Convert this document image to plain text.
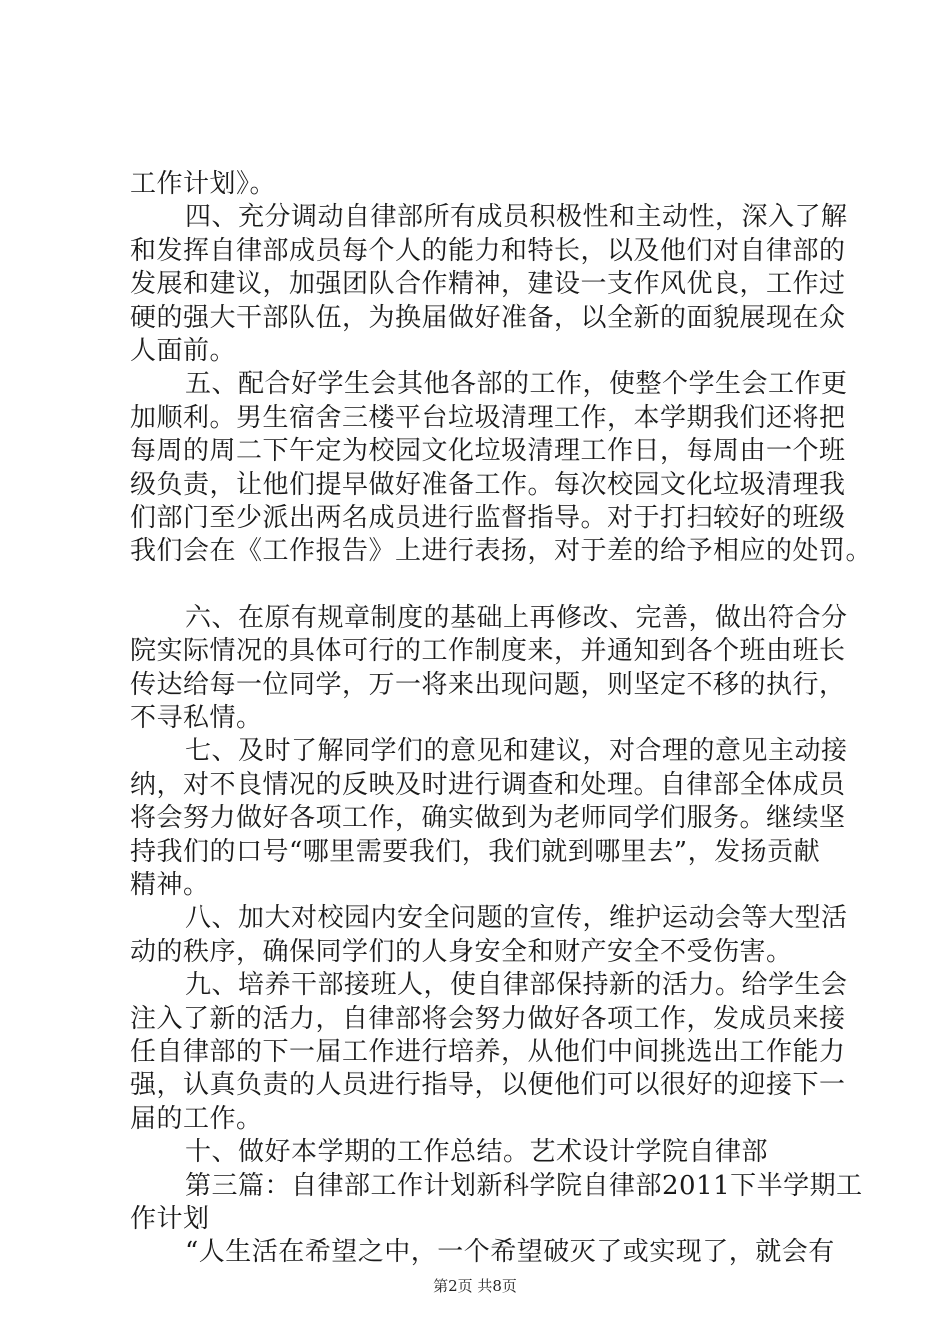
工作计划》。
四、充分调动自律部所有成员积极性和主动性，深入了解
和发挥自律部成员每个人的能力和特长，以及他们对自律部的
发展和建议，加强团队合作精神，建设一支作风优良，工作过
硬的强大干部队伍，为换届做好准备，以全新的面貌展现在众
人面前。
五、配合好学生会其他各部的工作，使整个学生会工作更
加顺利。男生宿舍三楼平台垃圾清理工作，本学期我们还将把
每周的周二下午定为校园文化垃圾清理工作日，每周由一个班
级负责，让他们提早做好准备工作。每次校园文化垃圾清理我
们部门至少派出两名成员进行监督指导。对于打扫较好的班级
我们会在《工作报告》上进行表扬，对于差的给予相应的处罚。
六、在原有规章制度的基础上再修改、完善，做出符合分
院实际情况的具体可行的工作制度来，并通知到各个班由班长
传达给每一位同学，万一将来出现问题，则坚定不移的执行，
不寻私情。
七、及时了解同学们的意见和建议，对合理的意见主动接
纳，对不良情况的反映及时进行调查和处理。自律部全体成员
将会努力做好各项工作，确实做到为老师同学们服务。继续坚
持我们的口号“哪里需要我们，我们就到哪里去”，发扬贡献
精神。
八、加大对校园内安全问题的宣传，维护运动会等大型活
动的秩序，确保同学们的人身安全和财产安全不受伤害。
九、培养干部接班人，使自律部保持新的活力。给学生会
注入了新的活力，自律部将会努力做好各项工作，发成员来接
任自律部的下一届工作进行培养，从他们中间挑选出工作能力
强，认真负责的人员进行指导，以便他们可以很好的迎接下一
届的工作。
十、做好本学期的工作总结。艺术设计学院自律部
第三篇：自律部工作计划新科学院自律部2011下半学期工
作计划
“人生活在希望之中，一个希望破灭了或实现了，就会有
第2页 共8页
